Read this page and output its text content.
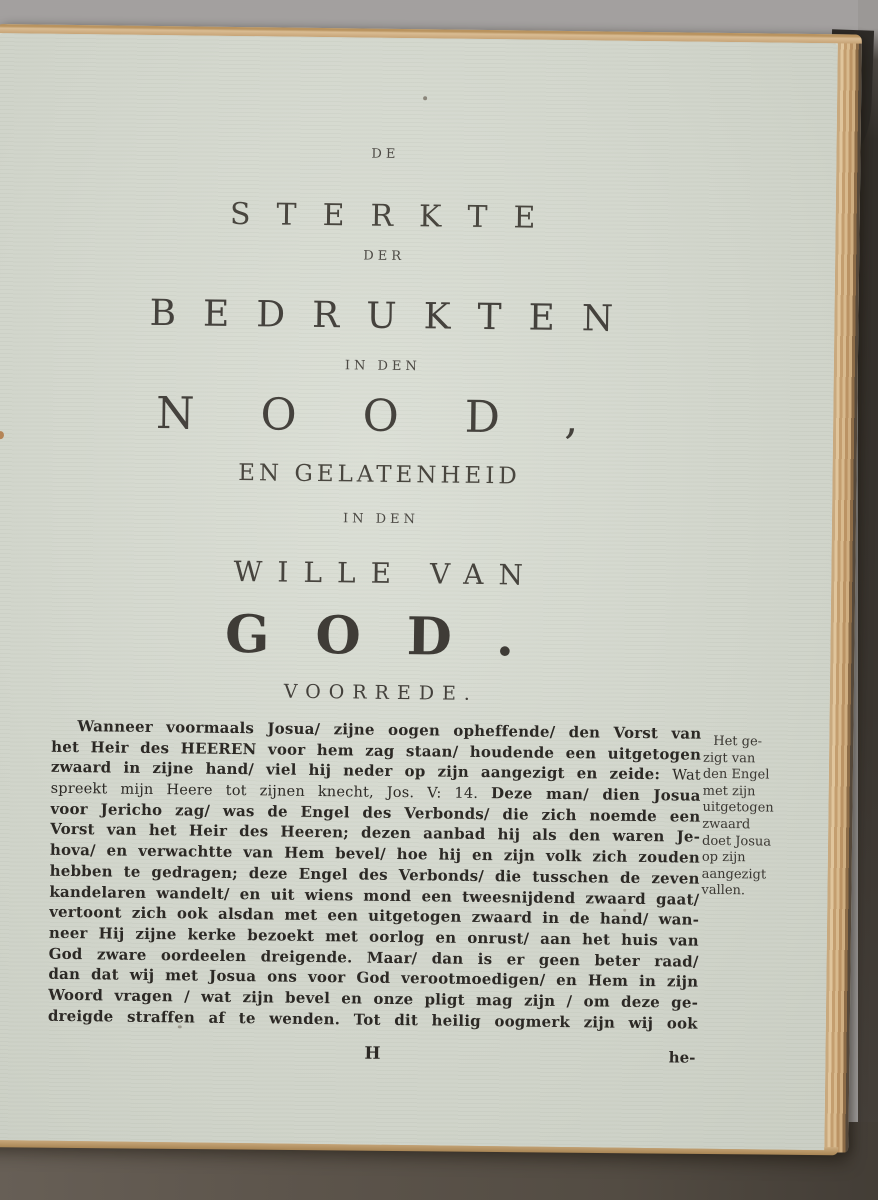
DE
STERKTE
DER
BEDRUKTEN
IN DEN
NOOD,
EN GELATENHEID
IN DEN
WILLE VAN
GOD.
VOORREDE.
Wanneer voormaals Josua/ zijne oogen opheffende/ den Vorst van
het Heir des HEEREN voor hem zag staan/ houdende een uitgetogen
zwaard in zijne hand/ viel hij neder op zijn aangezigt en zeide: Wat
spreekt mijn Heere tot zijnen knecht, Jos. V: 14. Deze man/ dien Josua
voor Jericho zag/ was de Engel des Verbonds/ die zich noemde een
Vorst van het Heir des Heeren; dezen aanbad hij als den waren Je-
hova/ en verwachtte van Hem bevel/ hoe hij en zijn volk zich zouden
hebben te gedragen; deze Engel des Verbonds/ die tusschen de zeven
kandelaren wandelt/ en uit wiens mond een tweesnijdend zwaard gaat/
vertoont zich ook alsdan met een uitgetogen zwaard in de hand/ wan-
neer Hij zijne kerke bezoekt met oorlog en onrust/ aan het huis van
God zware oordeelen dreigende. Maar/ dan is er geen beter raad/
dan dat wij met Josua ons voor God verootmoedigen/ en Hem in zijn
Woord vragen / wat zijn bevel en onze pligt mag zijn / om deze ge-
dreigde straffen af te wenden. Tot dit heilig oogmerk zijn wij ook
H	he-
Het ge-
zigt van
den Engel
met zijn
uitgetogen
zwaard
doet Josua
op zijn
aangezigt
vallen.
